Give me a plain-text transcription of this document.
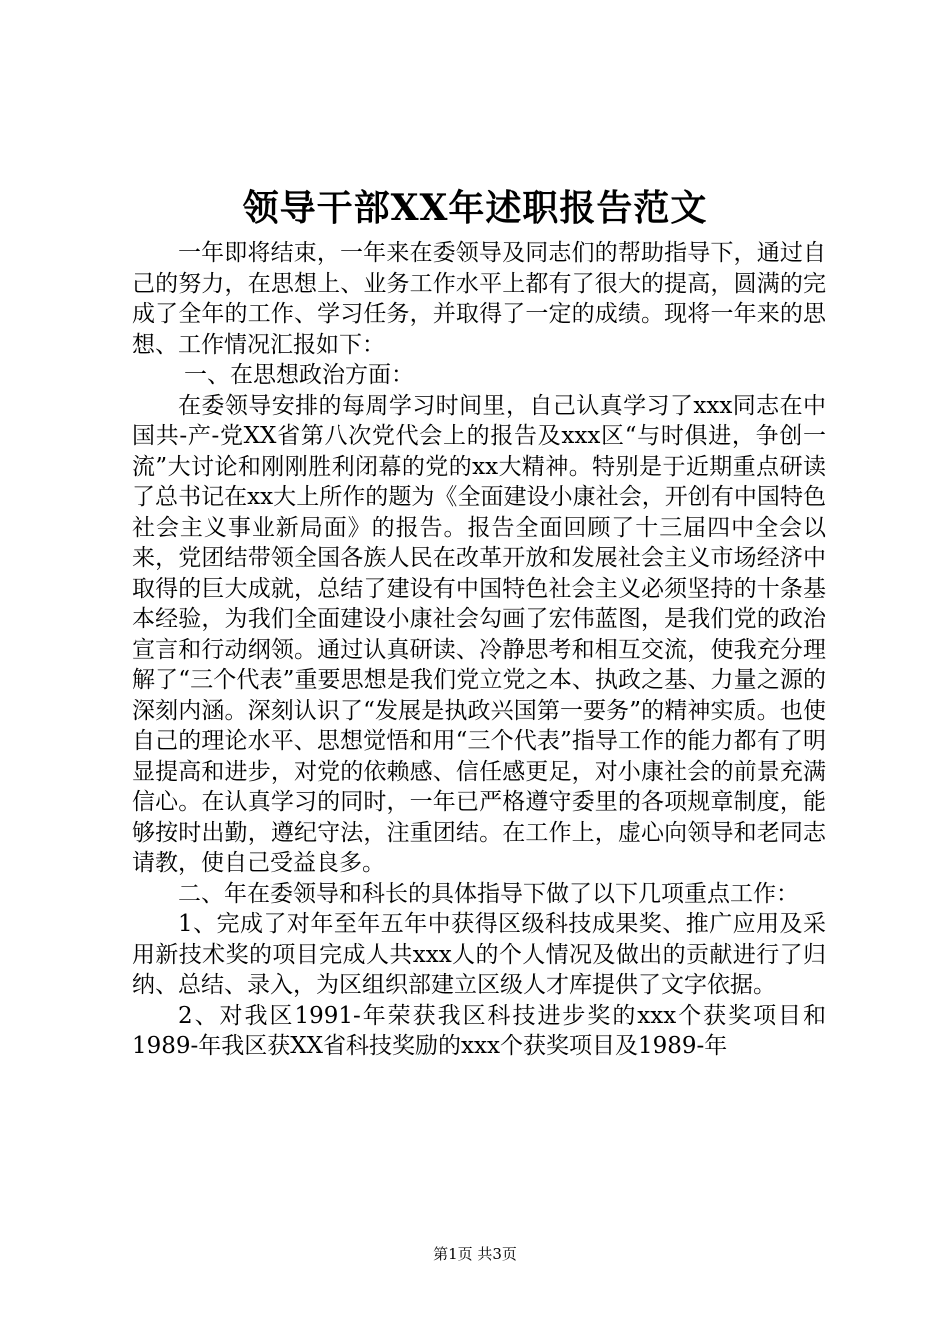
领导干部XX年述职报告范文

一年即将结束，一年来在委领导及同志们的帮助指导下，通过自己的努力，在思想上、业务工作水平上都有了很大的提高，圆满的完成了全年的工作、学习任务，并取得了一定的成绩。现将一年来的思想、工作情况汇报如下：

一、在思想政治方面：

在委领导安排的每周学习时间里，自己认真学习了xxx同志在中国共-产-党XX省第八次党代会上的报告及xxx区“与时俱进，争创一流”大讨论和刚刚胜利闭幕的党的xx大精神。特别是于近期重点研读了总书记在xx大上所作的题为《全面建设小康社会，开创有中国特色社会主义事业新局面》的报告。报告全面回顾了十三届四中全会以来，党团结带领全国各族人民在改革开放和发展社会主义市场经济中取得的巨大成就，总结了建设有中国特色社会主义必须坚持的十条基本经验，为我们全面建设小康社会勾画了宏伟蓝图，是我们党的政治宣言和行动纲领。通过认真研读、冷静思考和相互交流，使我充分理解了“三个代表”重要思想是我们党立党之本、执政之基、力量之源的深刻内涵。深刻认识了“发展是执政兴国第一要务”的精神实质。也使自己的理论水平、思想觉悟和用“三个代表”指导工作的能力都有了明显提高和进步，对党的依赖感、信任感更足，对小康社会的前景充满信心。在认真学习的同时，一年已严格遵守委里的各项规章制度，能够按时出勤，遵纪守法，注重团结。在工作上，虚心向领导和老同志请教，使自己受益良多。

二、年在委领导和科长的具体指导下做了以下几项重点工作：

1、完成了对年至年五年中获得区级科技成果奖、推广应用及采用新技术奖的项目完成人共xxx人的个人情况及做出的贡献进行了归纳、总结、录入，为区组织部建立区级人才库提供了文字依据。

2、对我区1991-年荣获我区科技进步奖的xxx个获奖项目和1989-年我区获XX省科技奖励的xxx个获奖项目及1989-年

第1页 共3页
